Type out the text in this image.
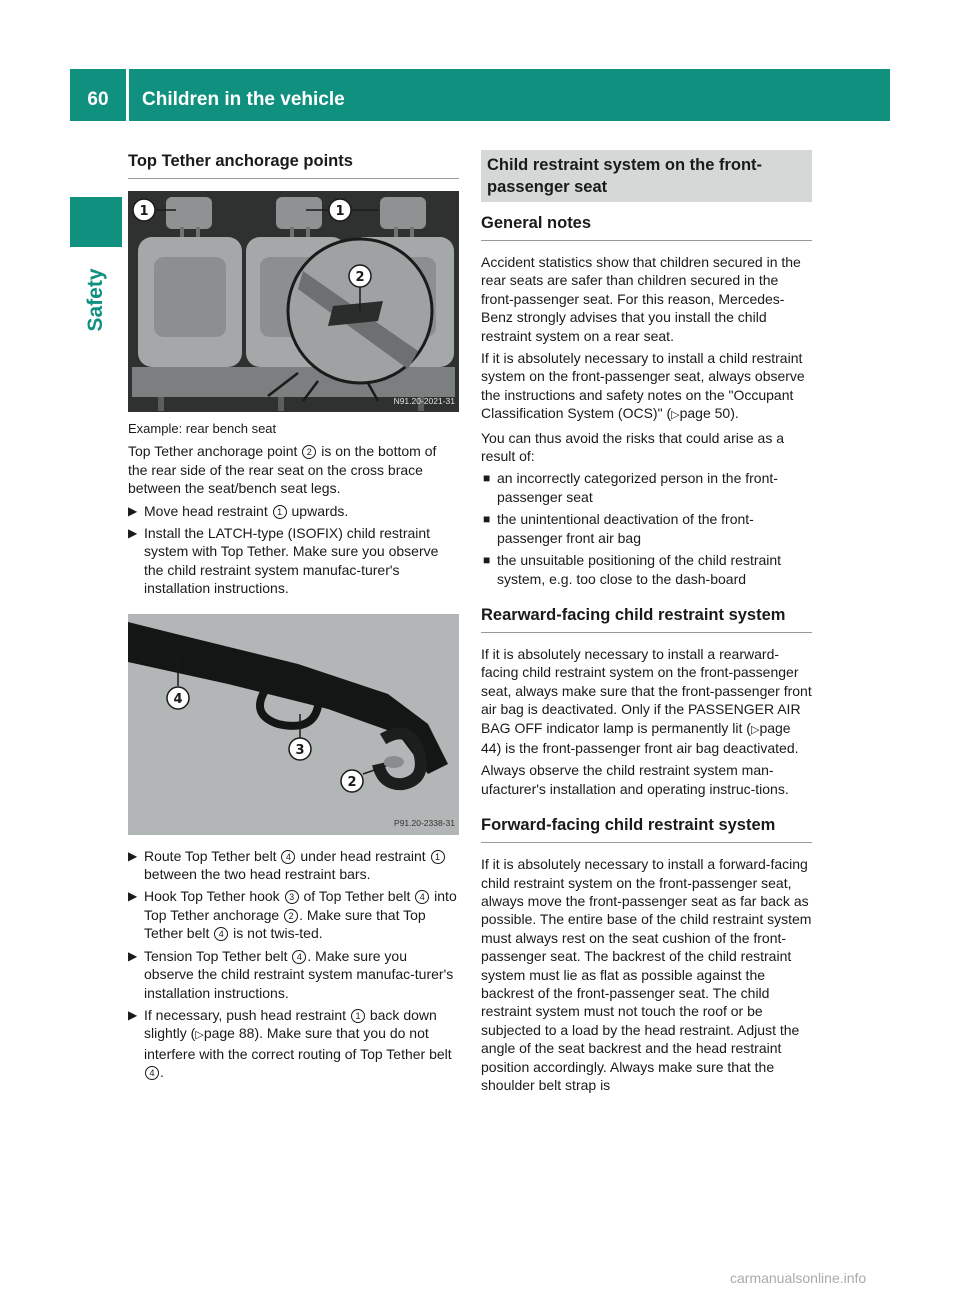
60	Children in the vehicle
Safety
Top Tether anchorage points
1	1
2
N91.20-2021-31
Example: rear bench seat

Top Tether anchorage point 2 is on the bottom of the rear side of the rear seat on the cross brace between the seat/bench seat legs.

▶ Move head restraint 1 upwards.
▶ Install the LATCH-type (ISOFIX) child restraint system with Top Tether. Make sure you observe the child restraint system manufac-turer's installation instructions.
4
3
2
P91.20-2338-31
▶ Route Top Tether belt 4 under head restraint 1 between the two head restraint bars.
▶ Hook Top Tether hook 3 of Top Tether belt 4 into Top Tether anchorage 2 . Make sure that Top Tether belt 4 is not twis-ted.
▶ Tension Top Tether belt 4 . Make sure you observe the child restraint system manufac-turer's installation instructions.
▶ If necessary, push head restraint 1 back down slightly (▷page 88). Make sure that you do not interfere with the correct routing of Top Tether belt 4 .
Child restraint system on the front-passenger seat
General notes

Accident statistics show that children secured in the rear seats are safer than children secured in the front-passenger seat. For this reason, Mercedes-Benz strongly advises that you install the child restraint system on a rear seat.

If it is absolutely necessary to install a child restraint system on the front-passenger seat, always observe the instructions and safety notes on the "Occupant Classification System (OCS)" (▷page 50).

You can thus avoid the risks that could arise as a result of:

■ an incorrectly categorized person in the front-passenger seat
■ the unintentional deactivation of the front-passenger front air bag
■ the unsuitable positioning of the child restraint system, e.g. too close to the dash-board
Rearward-facing child restraint system

If it is absolutely necessary to install a rearward-facing child restraint system on the front-passenger seat, always make sure that the front-passenger front air bag is deactivated. Only if the PASSENGER AIR BAG OFF indicator lamp is permanently lit (▷page 44) is the front-passenger front air bag deactivated.

Always observe the child restraint system man-ufacturer's installation and operating instruc-tions.

Forward-facing child restraint system

If it is absolutely necessary to install a forward-facing child restraint system on the front-passenger seat, always move the front-passenger seat as far back as possible. The entire base of the child restraint system must always rest on the seat cushion of the front-passenger seat. The backrest of the child restraint system must lie as flat as possible against the backrest of the front-passenger seat. The child restraint system must not touch the roof or be subjected to a load by the head restraint. Adjust the angle of the seat backrest and the head restraint position accordingly. Always make sure that the shoulder belt strap is

carmanualsonline.info
